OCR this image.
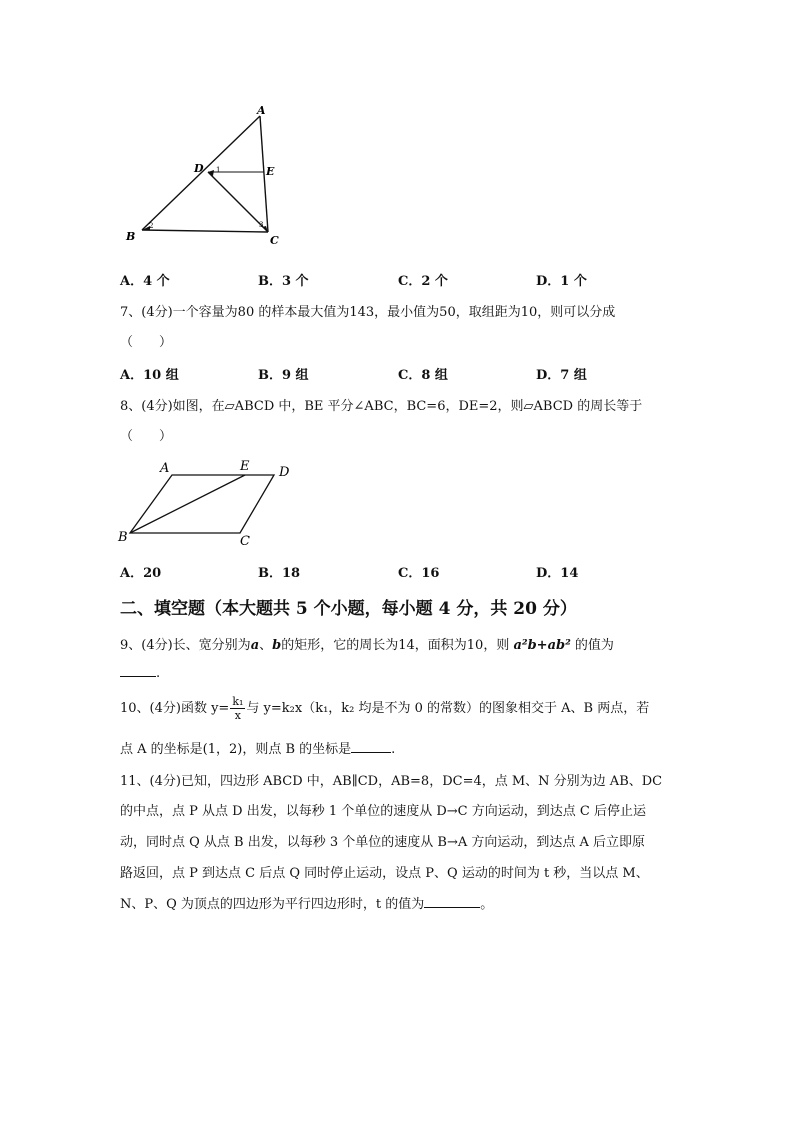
A
D	E
B	C
1
2	3
A．4 个	B．3 个	C．2 个	D．1 个
7、(4分)一个容量为80 的样本最大值为143，最小值为50，取组距为10，则可以分成
（　　）
A．10 组	B．9 组	C．8 组	D．7 组
8、(4分)如图，在▱ABCD 中，BE 平分∠ABC，BC=6，DE=2，则▱ABCD 的周长等于
（　　）
A	E D
B	C
A．20	B．18	C．16	D．14
二、填空题（本大题共 5 个小题，每小题 4 分，共 20 分）
9、(4分)长、宽分别为a、b的矩形，它的周长为14，面积为10，则 a²b+ab² 的值为
.
10、(4分)函数 $y= \frac{\text{k₁}}{x}$ 与 y=k₂x（k₁，k₂ 均是不为 0 的常数）的图象相交于 A、B 两点，若
点 A 的坐标是(1，2)，则点 B 的坐标是	.
11、(4分)已知，四边形 ABCD 中，AB∥CD，AB=8，DC=4，点 M、N 分别为边 AB、DC
的中点，点 P 从点 D 出发，以每秒 1 个单位的速度从 D→C 方向运动，到达点 C 后停止运
动，同时点 Q 从点 B 出发，以每秒 3 个单位的速度从 B→A 方向运动，到达点 A 后立即原
路返回，点 P 到达点 C 后点 Q 同时停止运动，设点 P、Q 运动的时间为 t 秒，当以点 M、
N、P、Q 为顶点的四边形为平行四边形时，t 的值为	。
